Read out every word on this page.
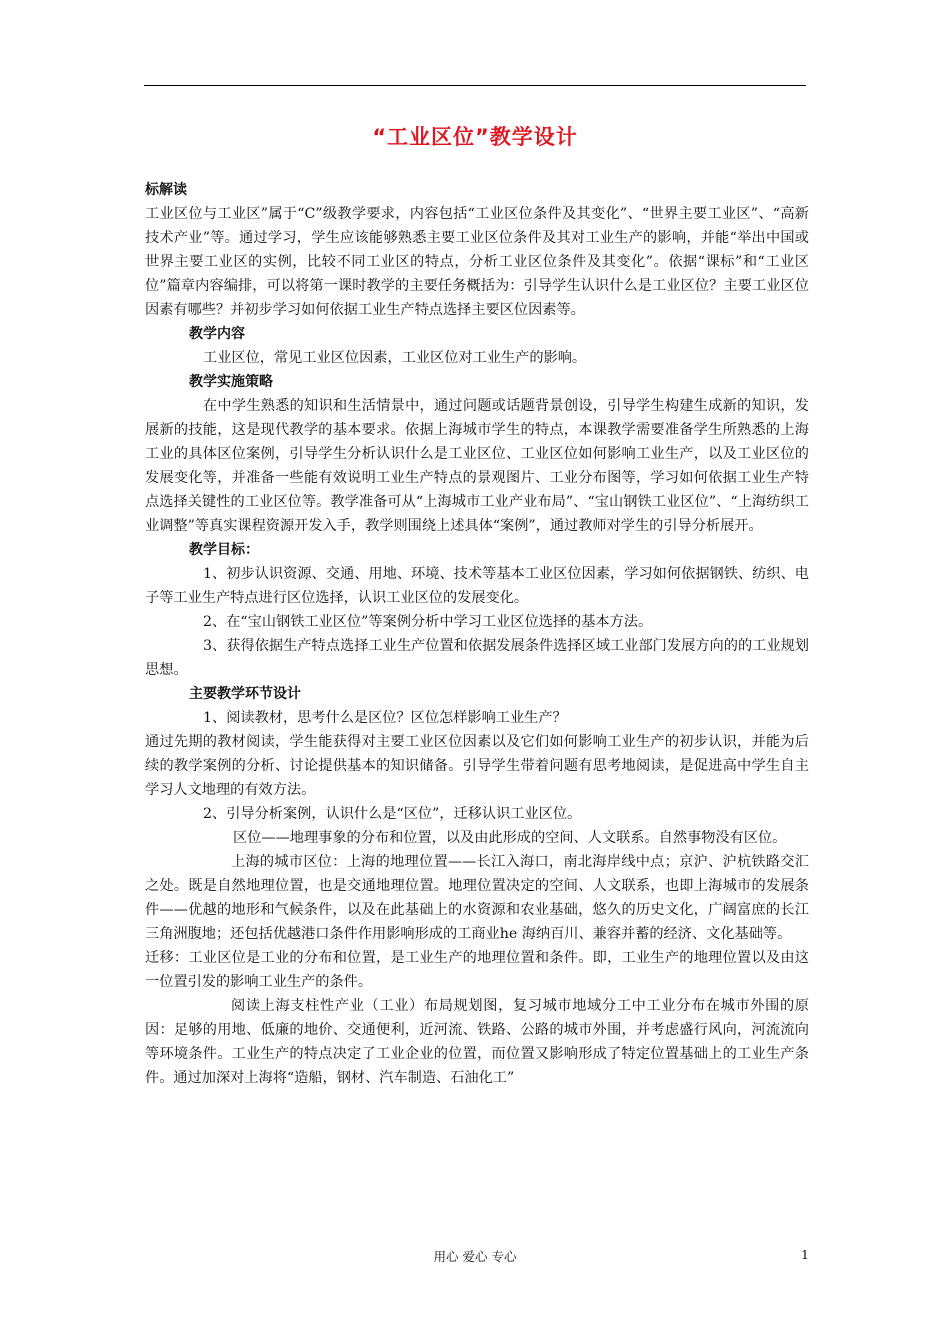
“工业区位”教学设计

标解读

工业区位与工业区”属于“C”级教学要求，内容包括“工业区位条件及其变化”、“世界主要工业区”、“高新技术产业”等。通过学习，学生应该能够熟悉主要工业区位条件及其对工业生产的影响，并能“举出中国或世界主要工业区的实例，比较不同工业区的特点，分析工业区位条件及其变化”。依据“课标”和“工业区位”篇章内容编排，可以将第一课时教学的主要任务概括为：引导学生认识什么是工业区位？主要工业区位因素有哪些？并初步学习如何依据工业生产特点选择主要区位因素等。

教学内容

工业区位，常见工业区位因素，工业区位对工业生产的影响。

教学实施策略

在中学生熟悉的知识和生活情景中，通过问题或话题背景创设，引导学生构建生成新的知识，发展新的技能，这是现代教学的基本要求。依据上海城市学生的特点，本课教学需要准备学生所熟悉的上海工业的具体区位案例，引导学生分析认识什么是工业区位、工业区位如何影响工业生产，以及工业区位的发展变化等，并准备一些能有效说明工业生产特点的景观图片、工业分布图等，学习如何依据工业生产特点选择关键性的工业区位等。教学准备可从“上海城市工业产业布局”、“宝山钢铁工业区位”、“上海纺织工业调整”等真实课程资源开发入手，教学则围绕上述具体“案例”，通过教师对学生的引导分析展开。

教学目标：

1、初步认识资源、交通、用地、环境、技术等基本工业区位因素，学习如何依据钢铁、纺织、电子等工业生产特点进行区位选择，认识工业区位的发展变化。

2、在“宝山钢铁工业区位”等案例分析中学习工业区位选择的基本方法。

3、获得依据生产特点选择工业生产位置和依据发展条件选择区域工业部门发展方向的的工业规划思想。

主要教学环节设计

1、阅读教材，思考什么是区位？区位怎样影响工业生产？

通过先期的教材阅读，学生能获得对主要工业区位因素以及它们如何影响工业生产的初步认识，并能为后续的教学案例的分析、讨论提供基本的知识储备。引导学生带着问题有思考地阅读，是促进高中学生自主学习人文地理的有效方法。

2、引导分析案例，认识什么是“区位”，迁移认识工业区位。

区位——地理事象的分布和位置，以及由此形成的空间、人文联系。自然事物没有区位。

上海的城市区位：上海的地理位置——长江入海口，南北海岸线中点；京沪、沪杭铁路交汇之处。既是自然地理位置，也是交通地理位置。地理位置决定的空间、人文联系，也即上海城市的发展条件——优越的地形和气候条件，以及在此基础上的水资源和农业基础，悠久的历史文化，广阔富庶的长江三角洲腹地；还包括优越港口条件作用影响形成的工商业he 海纳百川、兼容并蓄的经济、文化基础等。

迁移：工业区位是工业的分布和位置，是工业生产的地理位置和条件。即，工业生产的地理位置以及由这一位置引发的影响工业生产的条件。

阅读上海支柱性产业（工业）布局规划图，复习城市地域分工中工业分布在城市外围的原因：足够的用地、低廉的地价、交通便利，近河流、铁路、公路的城市外围，并考虑盛行风向，河流流向等环境条件。工业生产的特点决定了工业企业的位置，而位置又影响形成了特定位置基础上的工业生产条件。通过加深对上海将“造船，钢材、汽车制造、石油化工”

用心 爱心 专心	1
